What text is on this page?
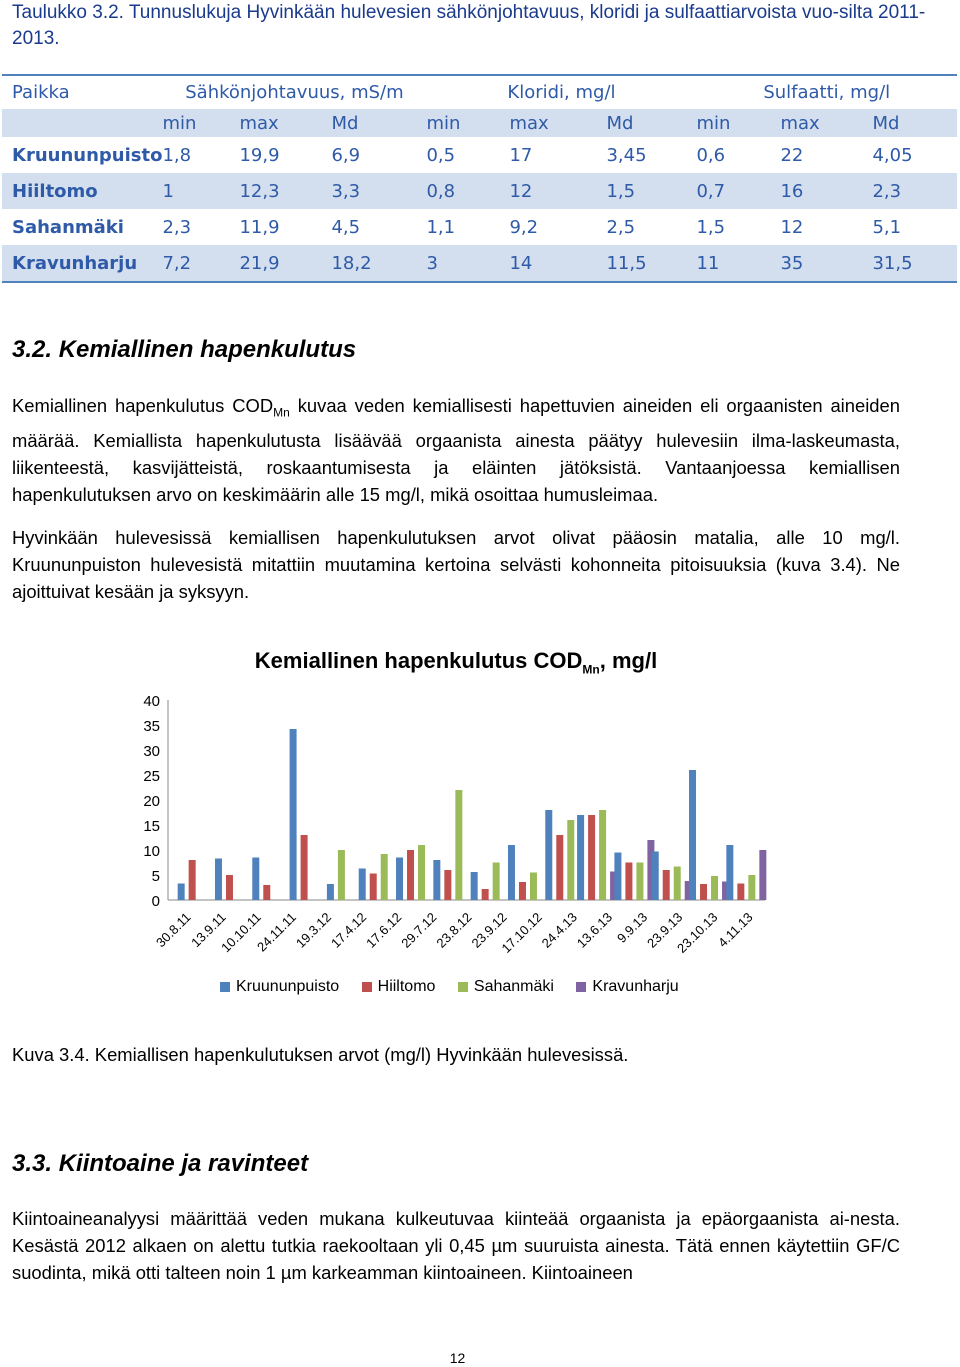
Taulukko 3.2. Tunnuslukuja Hyvinkään hulevesien sähkönjohtavuus, kloridi ja sulfaattiarvoista vuo-silta 2011-2013.
Paikka	Sähkönjohtavuus, mS/m			Kloridi, mg/l			Sulfaatti, mg/l		
	min	max	Md	min	max	Md	min	max	Md
Kruununpuisto	1,8	19,9	6,9	0,5	17	3,45	0,6	22	4,05
Hiiltomo	1	12,3	3,3	0,8	12	1,5	0,7	16	2,3
Sahanmäki	2,3	11,9	4,5	1,1	9,2	2,5	1,5	12	5,1
Kravunharju	7,2	21,9	18,2	3	14	11,5	11	35	31,5
3.2. Kemiallinen hapenkulutus

Kemiallinen hapenkulutus $COD_{Mn}$ kuvaa veden kemiallisesti hapettuvien aineiden eli orgaanisten aineiden määrää. Kemiallista hapenkulutusta lisäävää orgaanista ainesta päätyy hulevesiin ilma-laskeumasta, liikenteestä, kasvijätteistä, roskaantumisesta ja eläinten jätöksistä. Vantaanjoessa kemiallisen hapenkulutuksen arvo on keskimäärin alle 15 mg/l, mikä osoittaa humusleimaa.

Hyvinkään hulevesissä kemiallisen hapenkulutuksen arvot olivat pääosin matalia, alle 10 mg/l. Kruununpuiston hulevesistä mitattiin muutamina kertoina selvästi kohonneita pitoisuuksia (kuva 3.4). Ne ajoittuivat kesään ja syksyyn.
Kemiallinen hapenkulutus $COD_{Mn}$, mg/l
0
5
10
15
20
25
30
35
40
30.8.11
13.9.11
10.10.11
24.11.11
19.3.12
17.4.12
17.6.12
29.7.12
23.8.12
23.9.12
17.10.12
24.4.13
13.6.13
9.9.13
23.9.13
23.10.13
4.11.13
Kruununpuisto Hiiltomo Sahanmäki Kravunharju
Kuva 3.4. Kemiallisen hapenkulutuksen arvot (mg/l) Hyvinkään hulevesissä.
3.3. Kiintoaine ja ravinteet
Kiintoaineanalyysi määrittää veden mukana kulkeutuvaa kiinteää orgaanista ja epäorgaanista ai-nesta. Kesästä 2012 alkaen on alettu tutkia raekooltaan yli 0,45 µm suuruista ainesta. Tätä ennen käytettiin GF/C suodinta, mikä otti talteen noin 1 µm karkeamman kiintoaineen. Kiintoaineen
12
